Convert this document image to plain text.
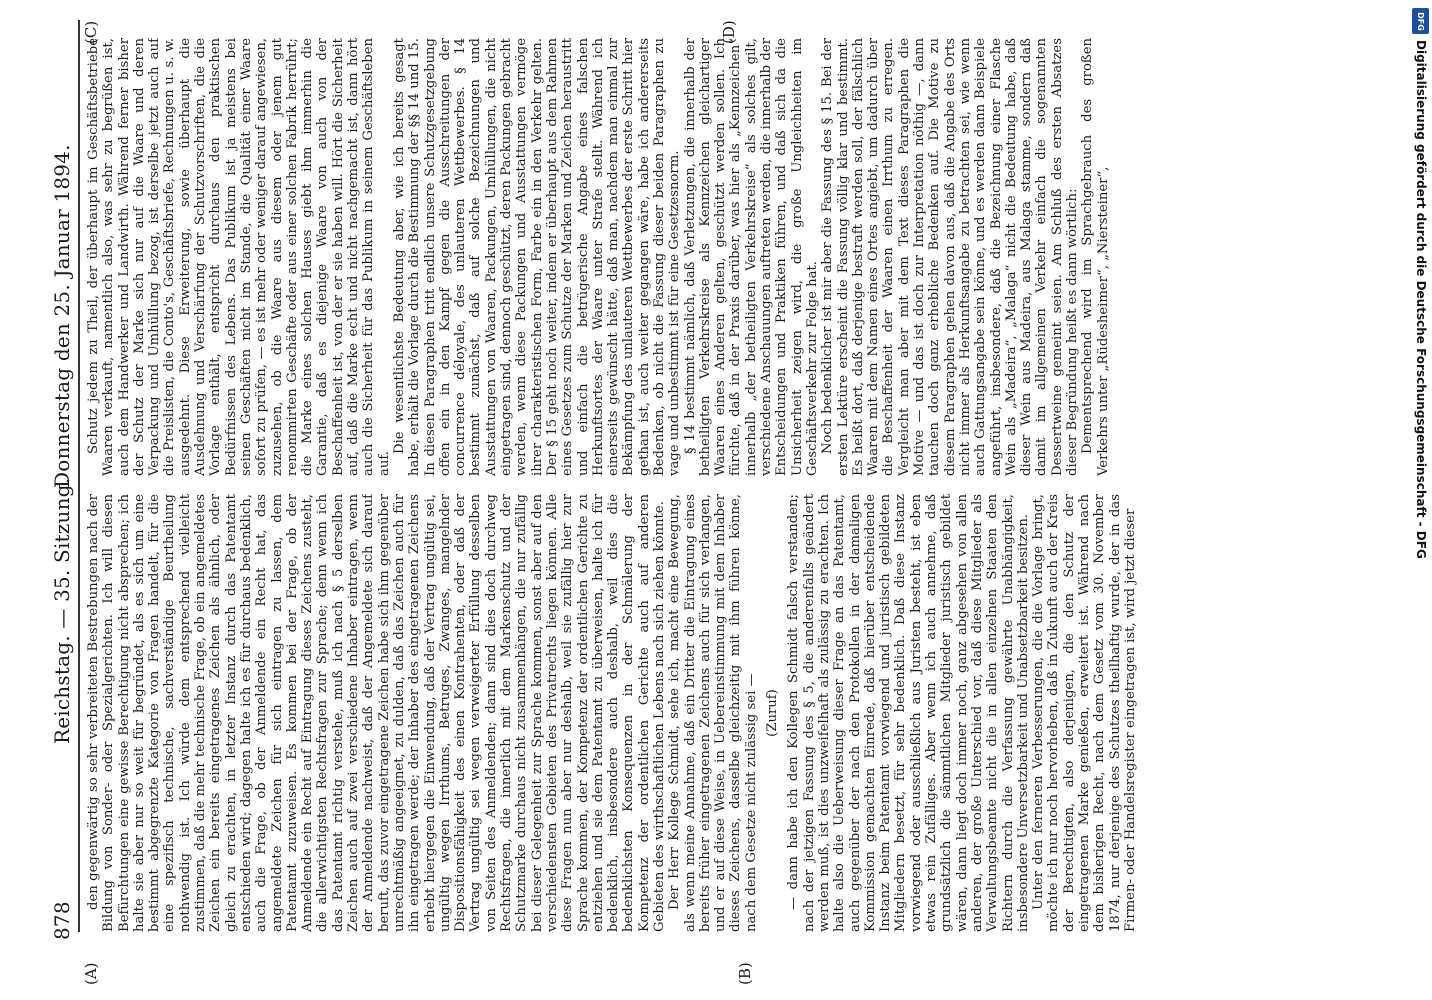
878
Reichstag. — 35. Sitzung.
Donnerstag den 25. Januar 1894.
(A)	(B)
(C)	(D)

den gegenwärtig so sehr verbreiteten Bestrebungen nach der Bildung von Sonder- oder Spezialgerichten. Ich will diesen Befürchtungen eine gewisse Berechtigung nicht absprechen; ich halte sie aber nur so weit für begründet, als es sich um eine bestimmt abgegrenzte Kategorie von Fragen handelt, für die eine spezifisch technische, sachverständige Beurtheilung nothwendig ist. Ich würde dem entsprechend vielleicht zustimmen, daß die mehr technische Frage, ob ein angemeldetes Zeichen ein bereits eingetragenes Zeichen als ähnlich, oder gleich zu erachten, in letzter Instanz durch das Patentamt entschieden wird; dagegen halte ich es für durchaus bedenklich, auch die Frage, ob der Anmeldende ein Recht hat, das angemeldete Zeichen für sich eintragen zu lassen, dem Patentamt zuzuweisen. Es kommen bei der Frage, ob der Anmeldende ein Recht auf Eintragung dieses Zeichens zusteht, die allerwichtigsten Rechtsfragen zur Sprache; denn wenn ich das Patentamt richtig verstehe, muß ich nach § 5 derselben Zeichen auch auf zwei verschiedene Inhaber eintragen, wenn der Anmeldende nachweist, daß der Angemeldete sich darauf beruft, das zuvor eingetragene Zeichen habe sich ihm gegenüber unrechtmäßig angeeignet, zu dulden, daß das Zeichen auch für ihn eingetragen werde; der Inhaber des eingetragenen Zeichens erhebt hiergegen die Einwendung, daß der Vertrag ungültig sei, ungültig wegen Irrthums, Betruges, Zwanges, mangelnder Dispositionsfähigkeit des einen Kontrahenten, oder daß der Vertrag ungültig sei wegen verweigerter Erfüllung desselben von Seiten des Anmeldenden; dann sind dies doch durchweg Rechtsfragen, die innerlich mit dem Markenschutz und der Schutzmarke durchaus nicht zusammenhängen, die nur zufällig bei dieser Gelegenheit zur Sprache kommen, sonst aber auf den verschiedensten Gebieten des Privatrechts liegen können. Alle diese Fragen nun aber nur deshalb, weil sie zufällig hier zur Sprache kommen, der Kompetenz der ordentlichen Gerichte zu entziehen und sie dem Patentamt zu überweisen, halte ich für bedenklich, insbesondere auch deshalb, weil dies die bedenklichsten Konsequenzen in der Schmälerung der Kompetenz der ordentlichen Gerichte auch auf anderen Gebieten des wirthschaftlichen Lebens nach sich ziehen könnte. Der Herr Kollege Schmidt, sehe ich, macht eine Bewegung, als wenn meine Annahme, daß ein Dritter die Eintragung eines bereits früher eingetragenen Zeichens auch für sich verlangen, und er auf diese Weise, in Uebereinstimmung mit dem Inhaber dieses Zeichens, dasselbe gleichzeitig mit ihm führen könne, nach dem Gesetze nicht zulässig sei — (Zuruf) — dann habe ich den Kollegen Schmidt falsch verstanden; nach der jetzigen Fassung des § 5, die anderenfalls geändert werden muß, ist dies unzweifelhaft als zulässig zu erachten. Ich halte also die Ueberweisung dieser Frage an das Patentamt, auch gegenüber der nach den Protokollen in der damaligen Kommission gemachten Einrede, daß hierüber entscheidende Instanz beim Patentamt vorwiegend und juristisch gebildeten Mitgliedern besetzt, für sehr bedenklich. Daß diese Instanz vorwiegend oder ausschließlich aus Juristen besteht, ist eben etwas rein Zufälliges. Aber wenn ich auch annehme, daß grundsätzlich die sämmtlichen Mitglieder juristisch gebildet wären, dann liegt doch immer noch, ganz abgesehen von allen anderen, der große Unterschied vor, daß diese Mitglieder als Verwaltungsbeamte nicht die in allen einzelnen Staaten den Richtern durch die Verfassung gewährte Unabhängigkeit, insbesondere Unversetzbarkeit und Unabsetzbarkeit besitzen. Unter den ferneren Verbesserungen, die die Vorlage bringt, möchte ich nur noch hervorheben, daß in Zukunft auch der Kreis der Berechtigten, also derjenigen, die den Schutz der eingetragenen Marke genießen, erweitert ist. Während nach dem bisherigen Recht, nach dem Gesetz vom 30. November 1874, nur derjenige des Schutzes theilhaftig wurde, der in das Firmen- oder Handelsregister eingetragen ist, wird jetzt dieser

Schutz jedem zu Theil, der überhaupt im Geschäftsbetriebe Waaren verkauft, namentlich also, was sehr zu begrüßen ist, auch dem Handwerker und Landwirth. Während ferner bisher der Schutz der Marke sich nur auf die Waare und deren Verpackung und Umhüllung bezog, ist derselbe jetzt auch auf die Preislisten, die Conto's, Geschäftsbriefe, Rechnungen u. s. w. ausgedehnt. Diese Erweiterung, sowie überhaupt die Ausdehnung und Verschärfung der Schutzvorschriften, die die Vorlage enthält, entspricht durchaus den praktischen Bedürfnissen des Lebens. Das Publikum ist ja meistens bei seinen Geschäften nicht im Stande, die Qualität einer Waare sofort zu prüfen, — es ist mehr oder weniger darauf angewiesen, zuzusehen, ob die Waare aus diesem oder jenem gut renommirten Geschäfte oder aus einer solchen Fabrik herrührt; die Marke eines solchen Hauses giebt ihm immerhin die Garantie, daß es diejenige Waare von auch von der Beschaffenheit ist, von der er sie haben will. Hört die Sicherheit auf, daß die Marke echt und nicht nachgemacht ist, dann hört auch die Sicherheit für das Publikum in seinem Geschäftsleben auf.

Die wesentlichste Bedeutung aber, wie ich bereits gesagt habe, erhält die Vorlage durch die Bestimmung der §§ 14 und 15. In diesen Paragraphen tritt endlich unsere Schutzgesetzgebung offen ein in den Kampf gegen die Ausschreitungen der concurrence déloyale, des unlauteren Wettbewerbes. § 14 bestimmt zunächst, daß auf solche Bezeichnungen und Ausstattungen von Waaren, Packungen, Umhüllungen, die nicht eingetragen sind, dennoch geschützt, deren Packungen gebracht werden, wenn diese Packungen und Ausstattungen vermöge ihrer charakteristischen Form, Farbe ein in den Verkehr gelten. Der § 15 geht noch weiter, indem er überhaupt aus dem Rahmen eines Gesetzes zum Schutze der Marken und Zeichen heraustritt und einfach die betrügerische Angabe eines falschen Herkunftsortes der Waare unter Strafe stellt. Während ich einerseits gewünscht hätte, daß man, nachdem man einmal zur Bekämpfung des unlauteren Wettbewerbes der erste Schritt hier gethan ist, auch weiter gegangen wäre, habe ich andererseits Bedenken, ob nicht die Fassung dieser beiden Paragraphen zu vage und unbestimmt ist für eine Gesetzesnorm. § 14 bestimmt nämlich, daß Verletzungen, die innerhalb der betheiligten Verkehrskreise als Kennzeichen gleichartiger Waaren eines Anderen gelten, geschützt werden sollen. Ich fürchte, daß in der Praxis darüber, was hier als „Kennzeichen“ innerhalb „der betheiligten Verkehrskreise“ als solches gilt, verschiedene Anschauungen auftreten werden, die innerhalb der Entscheidungen und Praktiken führen, und daß sich da die Unsicherheit zeigen wird, die große Ungleichheiten im Geschäftsverkehr zur Folge hat. Noch bedenklicher ist mir aber die Fassung des § 15. Bei der ersten Lektüre erscheint die Fassung völlig klar und bestimmt. Es heißt dort, daß derjenige bestraft werden soll, der fälschlich Waaren mit dem Namen eines Ortes angiebt, um dadurch über die Beschaffenheit der Waaren einen Irrthum zu erregen. Vergleicht man aber mit dem Text dieses Paragraphen die Motive — und das ist doch zur Interpretation nöthig —, dann tauchen doch ganz erhebliche Bedenken auf. Die Motive zu diesem Paragraphen gehen davon aus, daß die Angabe des Orts nicht immer als Herkunftsangabe zu betrachten sei, wie wenn auch Gattungsangabe sein könne, und es werden dann Beispiele angeführt, insbesondere, daß die Bezeichnung einer Flasche Wein als „Madeira“, „Malaga“ nicht die Bedeutung habe, daß dieser Wein aus Madeira, aus Malaga stamme, sondern daß damit im allgemeinen Verkehr einfach die sogenannten Dessertweine gemeint seien. Am Schluß des ersten Absatzes dieser Begründung heißt es dann wörtlich: Dementsprechend wird im Sprachgebrauch des großen Verkehrs unter „Rüdesheimer“, „Niersteiner“,	Digitalisierung gefördert durch die Deutsche Forschungsgemeinschaft - DFG
DFG
